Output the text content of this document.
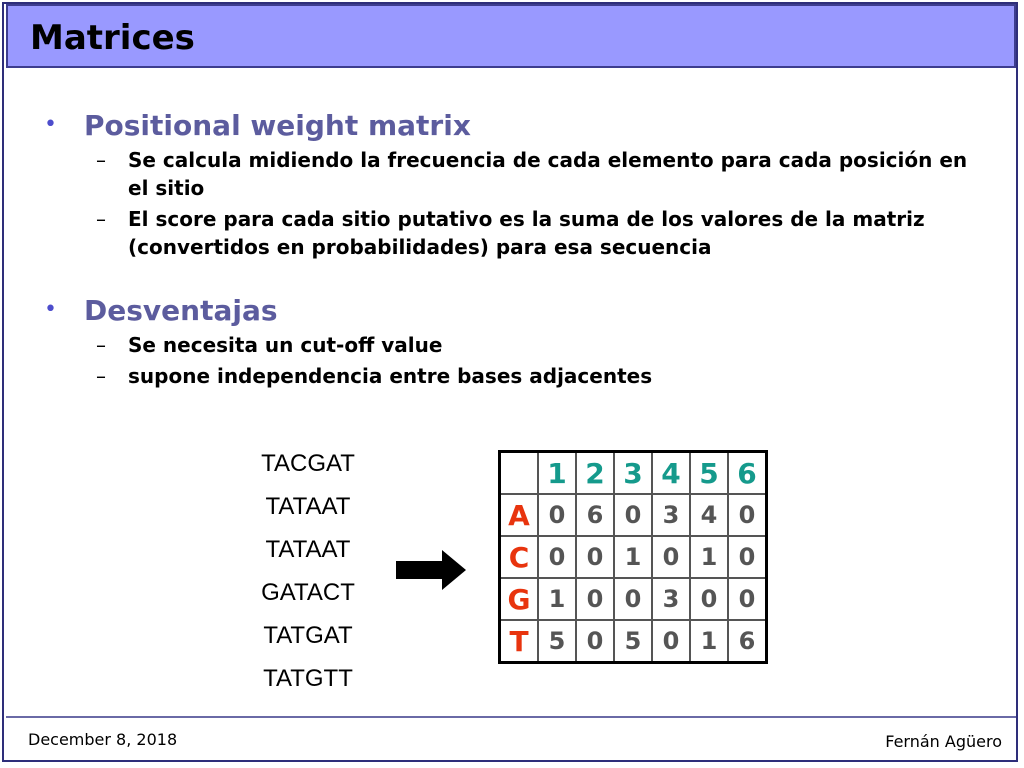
Matrices
• Positional weight matrix
– Se calcula midiendo la frecuencia de cada elemento para cada posición en el sitio
– El score para cada sitio putativo es la suma de los valores de la matriz (convertidos en probabilidades) para esa secuencia
• Desventajas
– Se necesita un cut-off value
– supone independencia entre bases adjacentes
TACGAT
TATAAT
TATAAT
GATACT
TATGAT
TATGTT
	1	2	3	4	5	6
A	0	6	0	3	4	0
C	0	0	1	0	1	0
G	1	0	0	3	0	0
T	5	0	5	0	1	6
December 8, 2018	Fernán Agüero
